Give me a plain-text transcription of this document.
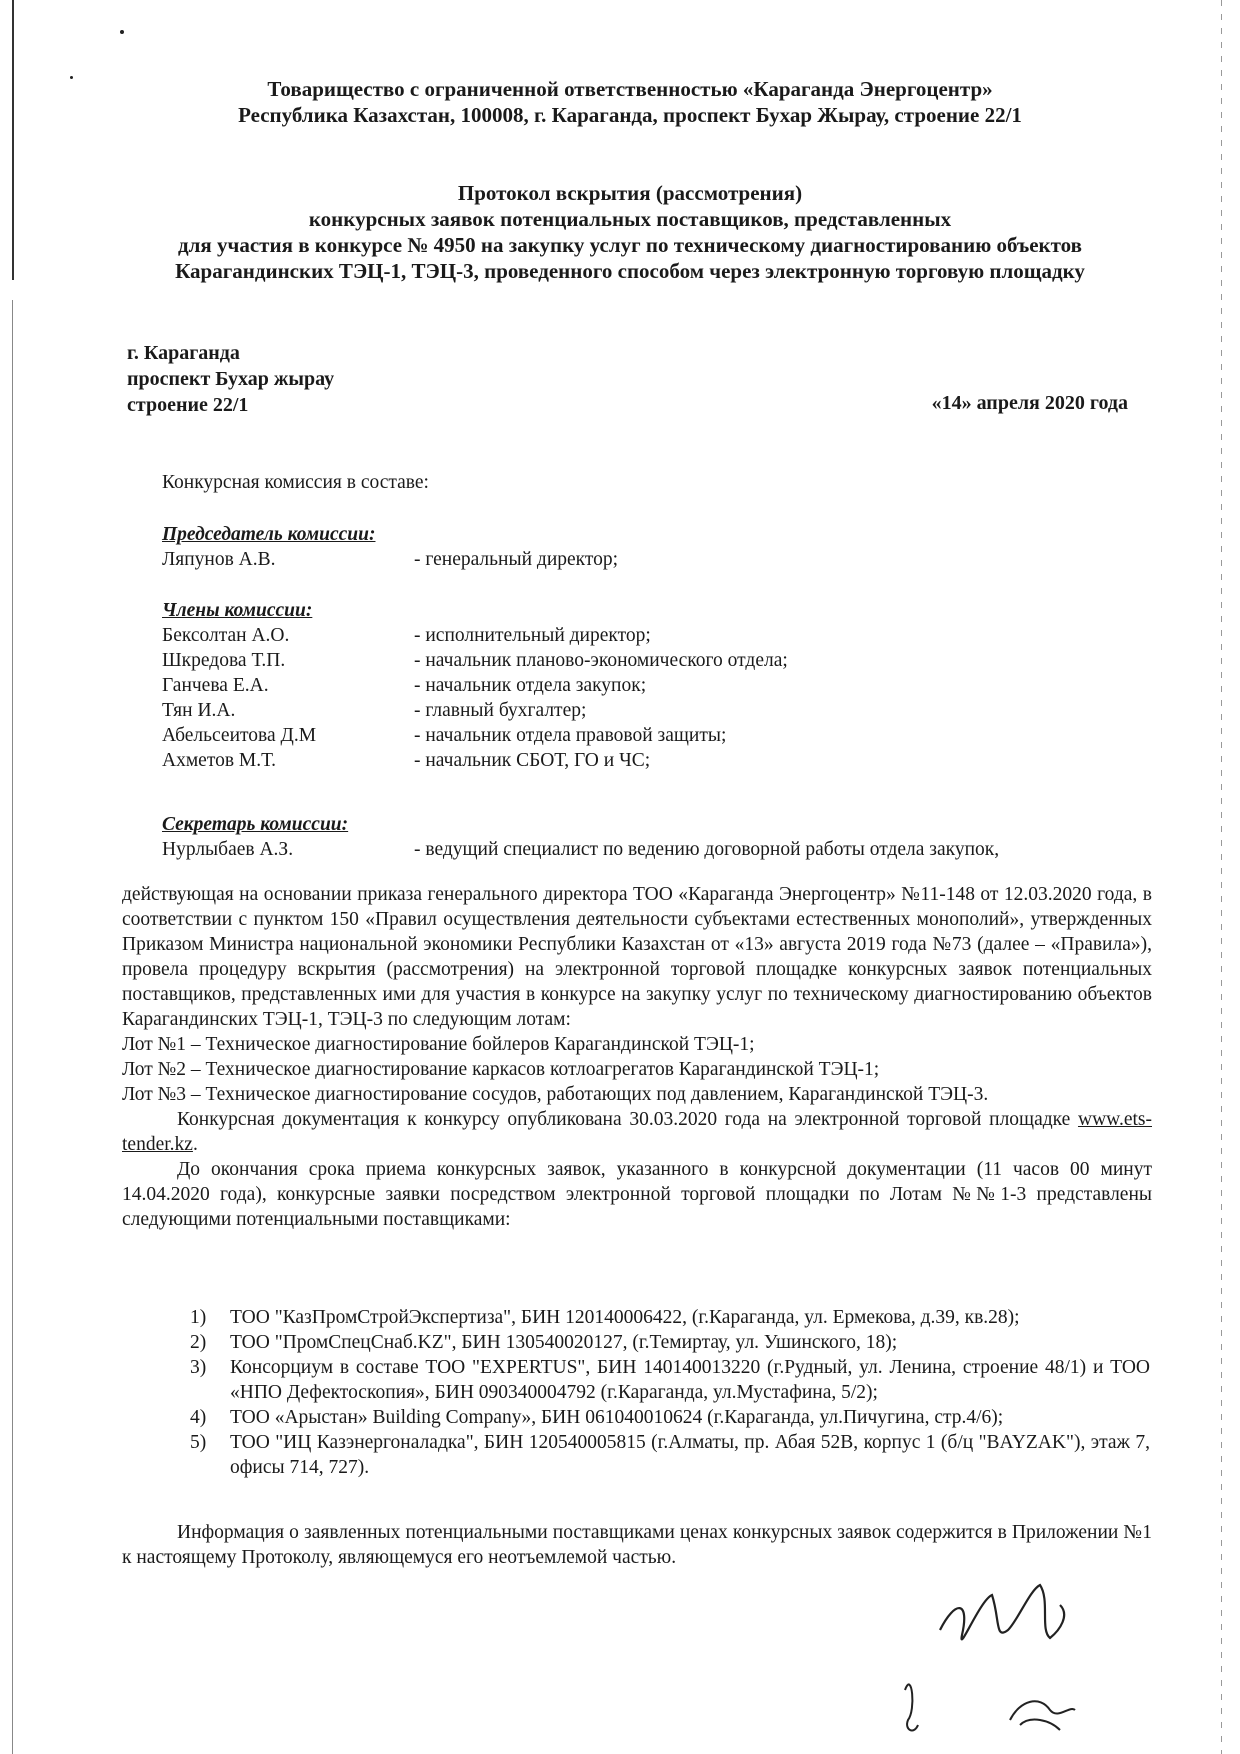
Товарищество с ограниченной ответственностью «Караганда Энергоцентр»
Республика Казахстан, 100008, г. Караганда, проспект Бухар Жырау, строение 22/1
Протокол вскрытия (рассмотрения)
конкурсных заявок потенциальных поставщиков, представленных
для участия в конкурсе № 4950 на закупку услуг по техническому диагностированию объектов
Карагандинских ТЭЦ-1, ТЭЦ-3, проведенного способом через электронную торговую площадку
г. Караганда
проспект Бухар жырау
строение 22/1	«14» апреля 2020 года
Конкурсная комиссия в составе:
Председатель комиссии:
Ляпунов А.В.	- генеральный директор;
Члены комиссии:
Бексолтан А.О.	- исполнительный директор;
Шкредова Т.П.	- начальник планово-экономического отдела;
Ганчева Е.А.	- начальник отдела закупок;
Тян И.А.	- главный бухгалтер;
Абельсеитова Д.М	- начальник отдела правовой защиты;
Ахметов М.Т.	- начальник СБОТ, ГО и ЧС;
Секретарь комиссии:
Нурлыбаев А.З.	- ведущий специалист по ведению договорной работы отдела закупок,

действующая на основании приказа генерального директора ТОО «Караганда Энергоцентр» №11-148 от 12.03.2020 года, в соответствии с пунктом 150 «Правил осуществления деятельности субъектами естественных монополий», утвержденных Приказом Министра национальной экономики Республики Казахстан от «13» августа 2019 года №73 (далее – «Правила»), провела процедуру вскрытия (рассмотрения) на электронной торговой площадке конкурсных заявок потенциальных поставщиков, представленных ими для участия в конкурсе на закупку услуг по техническому диагностированию объектов Карагандинских ТЭЦ-1, ТЭЦ-3 по следующим лотам:

Лот №1 – Техническое диагностирование бойлеров Карагандинской ТЭЦ-1;
Лот №2 – Техническое диагностирование каркасов котлоагрегатов Карагандинской ТЭЦ-1;
Лот №3 – Техническое диагностирование сосудов, работающих под давлением, Карагандинской ТЭЦ-3.

Конкурсная документация к конкурсу опубликована 30.03.2020 года на электронной торговой площадке www.ets-tender.kz.

До окончания срока приема конкурсных заявок, указанного в конкурсной документации (11 часов 00 минут 14.04.2020 года), конкурсные заявки посредством электронной торговой площадки по Лотам №№1-3 представлены следующими потенциальными поставщиками:

1)	ТОО "КазПромСтройЭкспертиза", БИН 120140006422, (г.Караганда, ул. Ермекова, д.39, кв.28);
2)	ТОО "ПромСпецСнаб.KZ", БИН 130540020127, (г.Темиртау, ул. Ушинского, 18);
3)	Консорциум в составе ТОО "EXPERTUS", БИН 140140013220 (г.Рудный, ул. Ленина, строение 48/1) и ТОО «НПО Дефектоскопия», БИН 090340004792 (г.Караганда, ул.Мустафина, 5/2);
4)	ТОО «Арыстан» Building Company», БИН 061040010624 (г.Караганда, ул.Пичугина, стр.4/6);
5)	ТОО "ИЦ Казэнергоналадка", БИН 120540005815 (г.Алматы, пр. Абая 52В, корпус 1 (б/ц "BAYZAK"), этаж 7, офисы 714, 727).

Информация о заявленных потенциальными поставщиками ценах конкурсных заявок содержится в Приложении №1 к настоящему Протоколу, являющемуся его неотъемлемой частью.
